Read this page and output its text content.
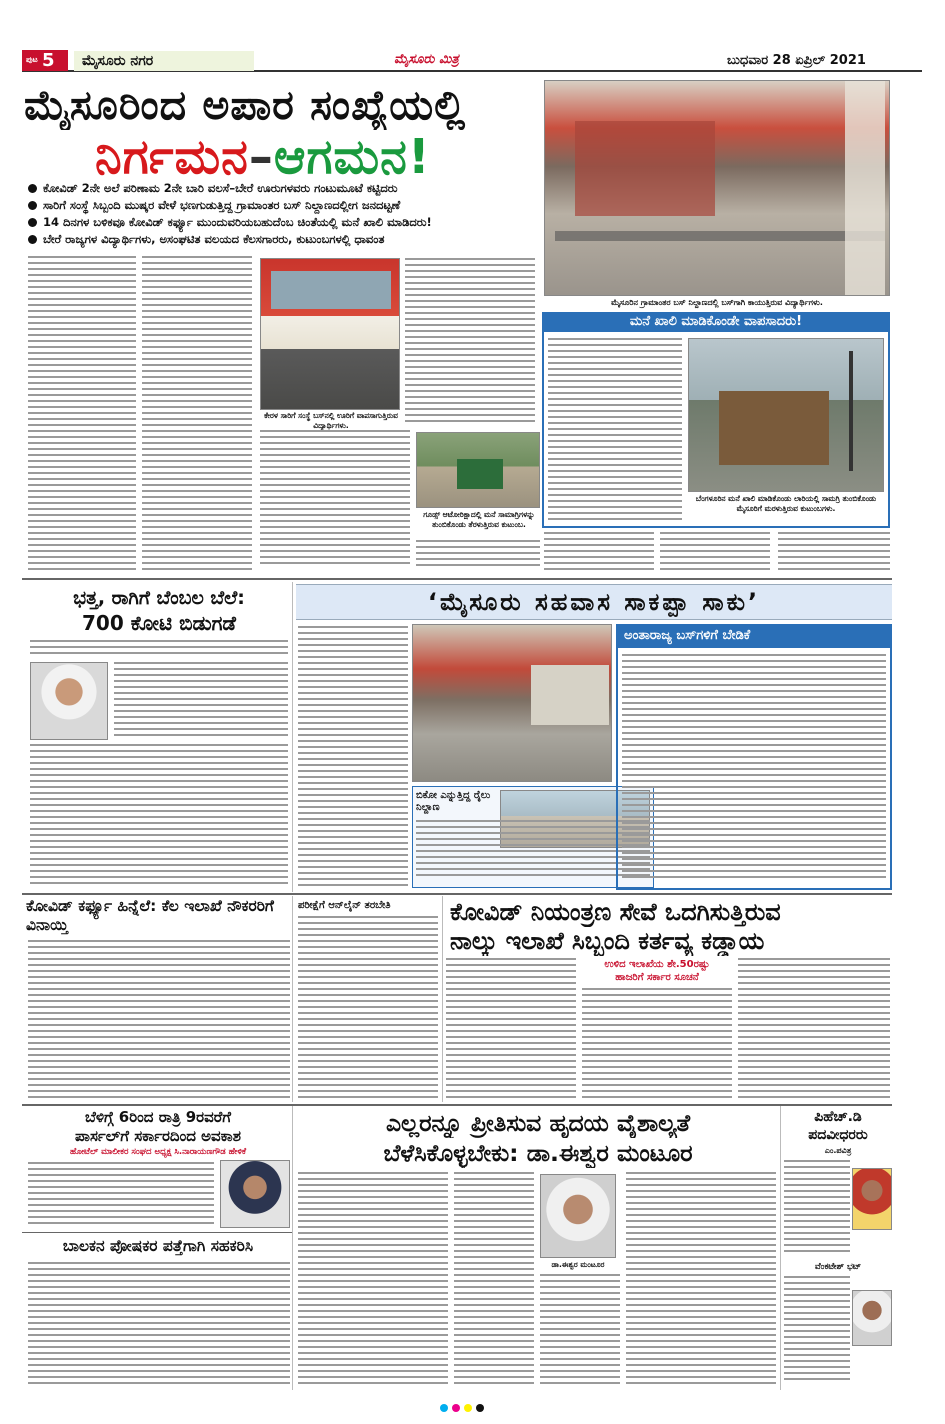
ಪುಟ 5	ಮೈಸೂರು ನಗರ	ಮೈಸೂರು ಮಿತ್ರ	ಬುಧವಾರ 28 ಏಪ್ರಿಲ್ 2021
ಮೈಸೂರಿಂದ ಅಪಾರ ಸಂಖ್ಯೆಯಲ್ಲಿ
ನಿರ್ಗಮನ–ಆಗಮನ!
ಕೋವಿಡ್ 2ನೇ ಅಲೆ ಪರಿಣಾಮ 2ನೇ ಬಾರಿ ವಲಸೆ–ಬೇರೆ ಊರುಗಳವರು ಗಂಟುಮೂಟೆ ಕಟ್ಟಿದರು
ಸಾರಿಗೆ ಸಂಸ್ಥೆ ಸಿಬ್ಬಂದಿ ಮುಷ್ಕರ ವೇಳೆ ಭಣಗುಡುತ್ತಿದ್ದ ಗ್ರಾಮಾಂತರ ಬಸ್ ನಿಲ್ದಾಣದಲ್ಲೀಗ ಜನದಟ್ಟಣೆ
14 ದಿನಗಳ ಬಳಿಕವೂ ಕೋವಿಡ್ ಕರ್ಫ್ಯೂ ಮುಂದುವರಿಯಬಹುದೆಂಬ ಚಿಂತೆಯಲ್ಲಿ ಮನೆ ಖಾಲಿ ಮಾಡಿದರು!
ಬೇರೆ ರಾಜ್ಯಗಳ ವಿದ್ಯಾರ್ಥಿಗಳು, ಅಸಂಘಟಿತ ವಲಯದ ಕೆಲಸಗಾರರು, ಕುಟುಂಬಗಳಲ್ಲಿ ಧಾವಂತ
ಮೈಸೂರಿನ ಗ್ರಾಮಾಂತರ ಬಸ್ ನಿಲ್ದಾಣದಲ್ಲಿ ಬಸ್‌ಗಾಗಿ ಕಾಯುತ್ತಿರುವ ವಿದ್ಯಾರ್ಥಿಗಳು.
ಕೇರಳ ಸಾರಿಗೆ ಸಂಸ್ಥೆ ಬಸ್‌ನಲ್ಲಿ ಊರಿಗೆ ವಾಪಸಾಗುತ್ತಿರುವ ವಿದ್ಯಾರ್ಥಿಗಳು.
ಗೂಡ್ಸ್ ಆಟೋರಿಕ್ಷಾದಲ್ಲಿ ಮನೆ ಸಾಮಾಗ್ರಿಗಳನ್ನು ತುಂಬಿಕೊಂಡು ತೆರಳುತ್ತಿರುವ ಕುಟುಂಬ.
ಮನೆ ಖಾಲಿ ಮಾಡಿಕೊಂಡೇ ವಾಪಸಾದರು!
ಬೆಂಗಳೂರಿನ ಮನೆ ಖಾಲಿ ಮಾಡಿಕೊಂಡು ಲಾರಿಯಲ್ಲಿ ಸಾಮಗ್ರಿ ತುಂಬಿಕೊಂಡು ಮೈಸೂರಿಗೆ ಮರಳುತ್ತಿರುವ ಕುಟುಂಬಗಳು.
ಭತ್ತ, ರಾಗಿಗೆ ಬೆಂಬಲ ಬೆಲೆ:
700 ಕೋಟಿ ಬಿಡುಗಡೆ
‘ಮೈಸೂರು ಸಹವಾಸ ಸಾಕಪ್ಪಾ ಸಾಕು’
ಬಿಕೋ ಎನ್ನುತ್ತಿದ್ದ ರೈಲು ನಿಲ್ದಾಣ
ಅಂತಾರಾಜ್ಯ ಬಸ್‌ಗಳಿಗೆ ಬೇಡಿಕೆ
ಕೋವಿಡ್ ಕರ್ಫ್ಯೂ ಹಿನ್ನೆಲೆ: ಕೆಲ ಇಲಾಖೆ ನೌಕರರಿಗೆ ವಿನಾಯ್ತಿ
ಪರೀಕ್ಷೆಗೆ ಆನ್‌ಲೈನ್ ತರಬೇತಿ	ಕೋವಿಡ್ ನಿಯಂತ್ರಣ ಸೇವೆ ಒದಗಿಸುತ್ತಿರುವ
ನಾಲ್ಕು ಇಲಾಖೆ ಸಿಬ್ಬಂದಿ ಕರ್ತವ್ಯ ಕಡ್ಡಾಯ
ಉಳಿದ ಇಲಾಖೆಯ ಶೇ.50ರಷ್ಟು
ಹಾಜರಿಗೆ ಸರ್ಕಾರ ಸೂಚನೆ
ಬೆಳಿಗ್ಗೆ 6ರಿಂದ ರಾತ್ರಿ 9ರವರೆಗೆ
ಪಾರ್ಸಲ್‌ಗೆ ಸರ್ಕಾರದಿಂದ ಅವಕಾಶ
ಹೋಟೆಲ್ ಮಾಲೀಕರ ಸಂಘದ ಅಧ್ಯಕ್ಷ ಸಿ.ನಾರಾಯಣಗೌಡ ಹೇಳಿಕೆ
ಬಾಲಕನ ಪೋಷಕರ ಪತ್ತೆಗಾಗಿ ಸಹಕರಿಸಿ
ಎಲ್ಲರನ್ನೂ ಪ್ರೀತಿಸುವ ಹೃದಯ ವೈಶಾಲ್ಯತೆ
ಬೆಳೆಸಿಕೊಳ್ಳಬೇಕು: ಡಾ.ಈಶ್ವರ ಮಂಟೂರ
ಡಾ.ಈಶ್ವರ ಮಂಟೂರ
ಪಿಹೆಚ್.ಡಿ
ಪದವೀಧರರು
ಎಂ.ಪವಿತ್ರ
ವೆಂಕಟೇಶ್ ಭಟ್
